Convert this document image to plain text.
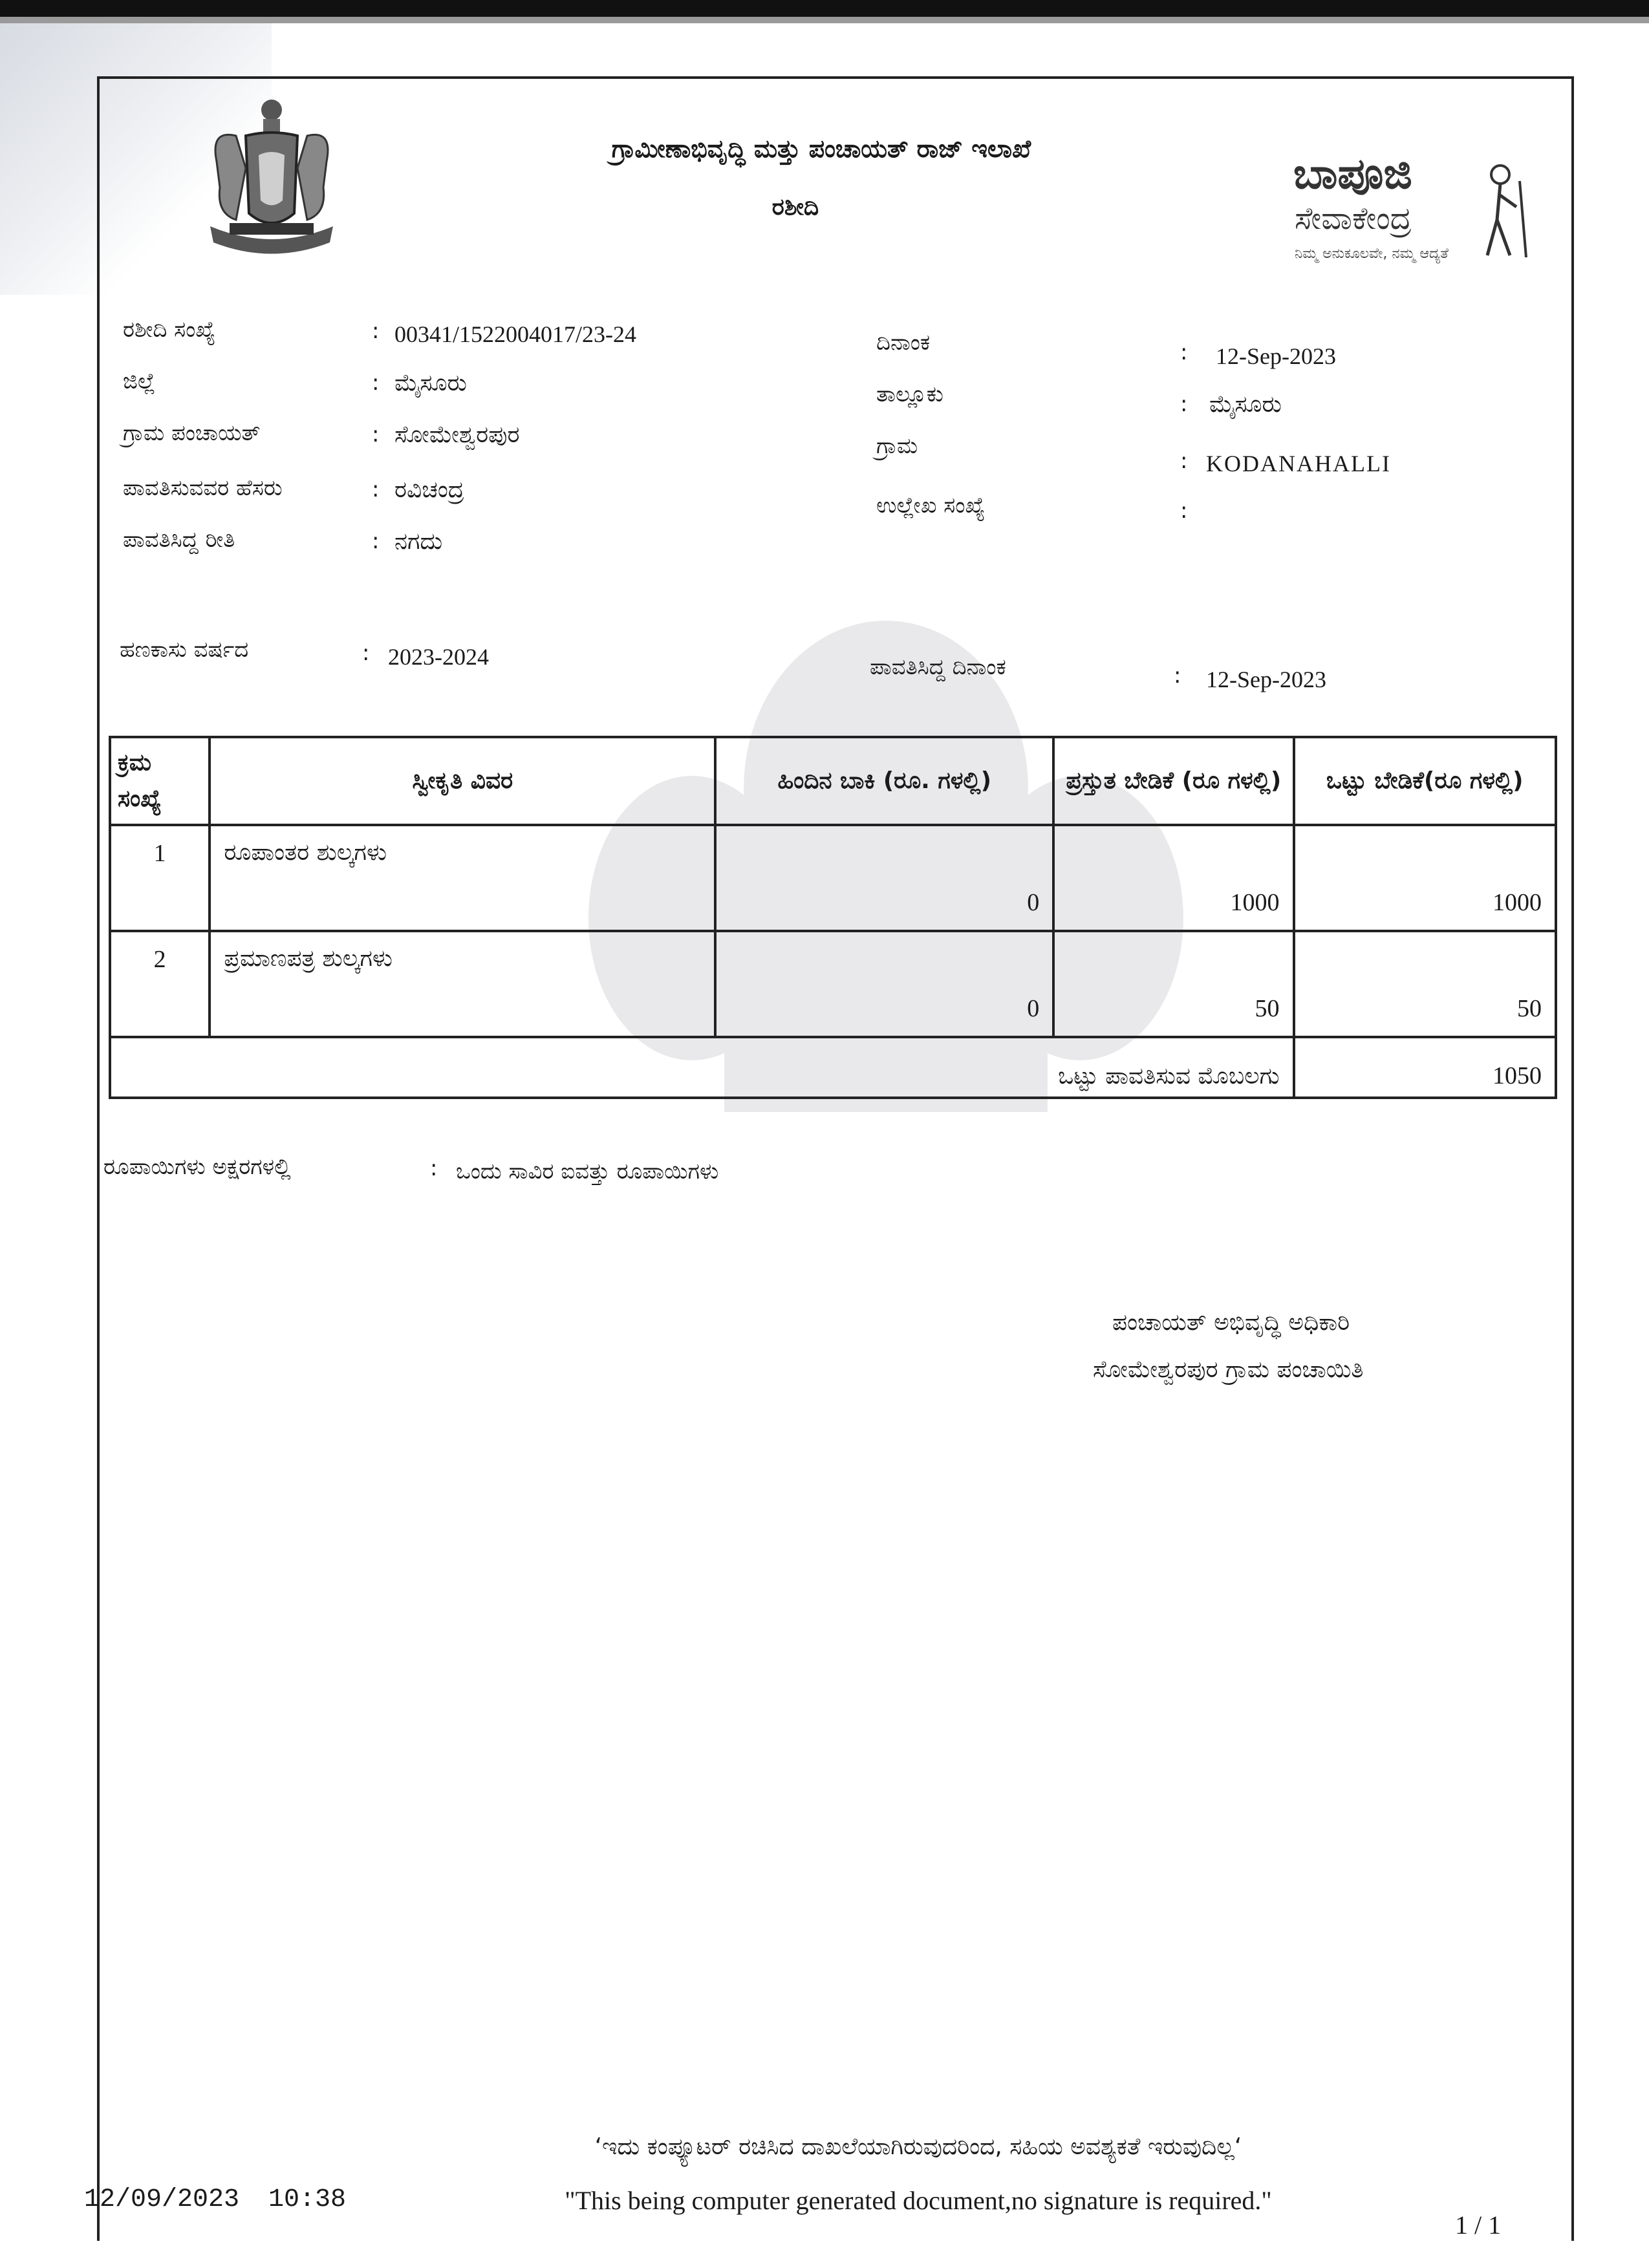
ಗ್ರಾಮೀಣಾಭಿವೃದ್ಧಿ ಮತ್ತು ಪಂಚಾಯತ್ ರಾಜ್ ಇಲಾಖೆ
ರಶೀದಿ
ಬಾಪೂಜಿ
ಸೇವಾಕೇಂದ್ರ
ನಿಮ್ಮ ಅನುಕೂಲವೇ, ನಮ್ಮ ಆದ್ಯತೆ
ರಶೀದಿ ಸಂಖ್ಯೆ	: 00341/1522004017/23-24
ಜಿಲ್ಲೆ	: ಮೈಸೂರು
ಗ್ರಾಮ ಪಂಚಾಯತ್	: ಸೋಮೇಶ್ವರಪುರ
ಪಾವತಿಸುವವರ ಹೆಸರು	: ರವಿಚಂದ್ರ
ಪಾವತಿಸಿದ್ದ ರೀತಿ	: ನಗದು
ಹಣಕಾಸು ವರ್ಷದ	: 2023-2024
ದಿನಾಂಕ	: 12-Sep-2023
ತಾಲ್ಲೂಕು	: ಮೈಸೂರು
ಗ್ರಾಮ
: KODANAHALLI
ಉಲ್ಲೇಖ ಸಂಖ್ಯೆ	:
ಪಾವತಿಸಿದ್ದ ದಿನಾಂಕ	: 12-Sep-2023
ಕ್ರಮ ಸಂಖ್ಯೆ	ಸ್ವೀಕೃತಿ ವಿವರ	ಹಿಂದಿನ ಬಾಕಿ (ರೂ. ಗಳಲ್ಲಿ)	ಪ್ರಸ್ತುತ ಬೇಡಿಕೆ (ರೂ ಗಳಲ್ಲಿ)	ಒಟ್ಟು ಬೇಡಿಕೆ(ರೂ ಗಳಲ್ಲಿ)
1	ರೂಪಾಂತರ ಶುಲ್ಕಗಳು	0	1000	1000
2	ಪ್ರಮಾಣಪತ್ರ ಶುಲ್ಕಗಳು	0	50	50
ಒಟ್ಟು ಪಾವತಿಸುವ ಮೊಬಲಗು				1050
ರೂಪಾಯಿಗಳು ಅಕ್ಷರಗಳಲ್ಲಿ	: ಒಂದು ಸಾವಿರ ಐವತ್ತು ರೂಪಾಯಿಗಳು
ಪಂಚಾಯತ್ ಅಭಿವೃದ್ಧಿ ಅಧಿಕಾರಿ
ಸೋಮೇಶ್ವರಪುರ ಗ್ರಾಮ ಪಂಚಾಯಿತಿ
‘ಇದು ಕಂಪ್ಯೂಟರ್ ರಚಿಸಿದ ದಾಖಲೆಯಾಗಿರುವುದರಿಂದ, ಸಹಿಯ ಅವಶ್ಯಕತೆ ಇರುವುದಿಲ್ಲ‘
"This being computer generated document,no signature is required."
12/09/2023 10:38
1 / 1
